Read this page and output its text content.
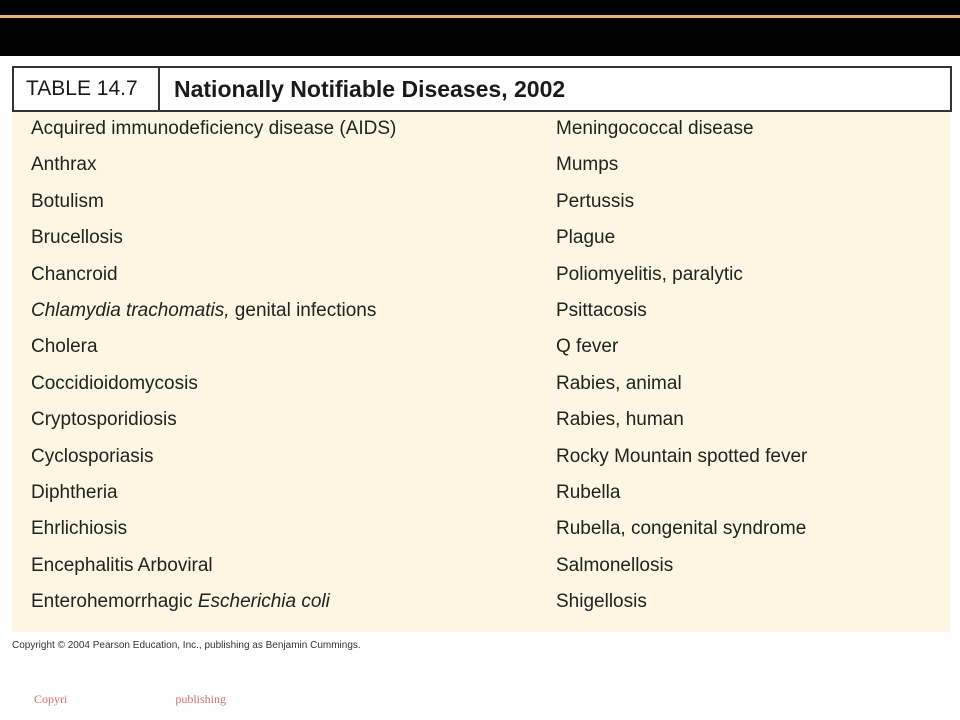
TABLE 14.7	Nationally Notifiable Diseases, 2002
Acquired immunodeficiency disease (AIDS)
Anthrax
Botulism
Brucellosis
Chancroid
Chlamydia trachomatis, genital infections
Cholera
Coccidioidomycosis
Cryptosporidiosis
Cyclosporiasis
Diphtheria
Ehrlichiosis
Encephalitis Arboviral
Enterohemorrhagic Escherichia coli
Meningococcal disease
Mumps
Pertussis
Plague
Poliomyelitis, paralytic
Psittacosis
Q fever
Rabies, animal
Rabies, human
Rocky Mountain spotted fever
Rubella
Rubella, congenital syndrome
Salmonellosis
Shigellosis
Copyright © 2004 Pearson Education, Inc., publishing as Benjamin Cummings.
Copyri                                    publishing
